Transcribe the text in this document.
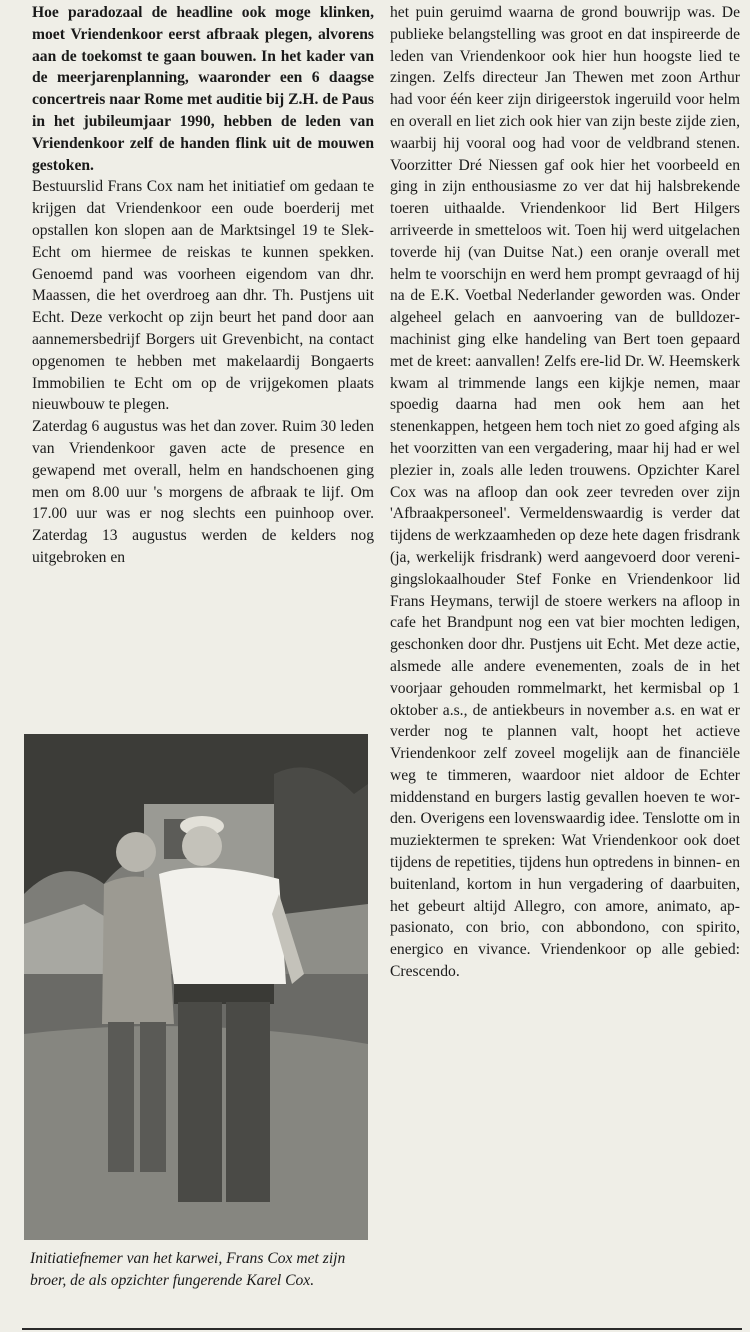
Hoe paradozaal de headline ook moge klinken, moet Vriendenkoor eerst afbraak plegen, alvorens aan de toekomst te gaan bouwen. In het kader van de meerjarenplanning, waaronder een 6 daagse concertreis naar Rome met auditie bij Z.H. de Paus in het jubileumjaar 1990, hebben de leden van Vriendenkoor zelf de handen flink uit de mouwen gestoken.

Bestuurslid Frans Cox nam het initiatief om gedaan te krijgen dat Vriendenkoor een oude boerderij met opstallen kon slopen aan de Marktsingel 19 te Slek-Echt om hiermee de reiskas te kunnen spekken. Genoemd pand was voorheen eigendom van dhr. Maassen, die het overdroeg aan dhr. Th. Pustjens uit Echt. Deze verkocht op zijn beurt het pand door aan aannemersbedrijf Borgers uit Grevenbicht, na contact opgenomen te hebben met makelaardij Bongaerts Immobilien te Echt om op de vrijgekomen plaats nieuwbouw te plegen.

Zaterdag 6 augustus was het dan zover. Ruim 30 leden van Vriendenkoor gaven acte de presence en gewapend met overall, helm en handschoenen ging men om 8.00 uur 's morgens de afbraak te lijf. Om 17.00 uur was er nog slechts een puinhoop over. Zaterdag 13 augustus werden de kelders nog uitgebroken en

Initiatiefnemer van het karwei, Frans Cox met zijn broer, de als opzichter fungerende Karel Cox.

het puin geruimd waarna de grond bouwrijp was. De publieke belangstelling was groot en dat inspireerde de leden van Vriendenkoor ook hier hun hoogste lied te zingen. Zelfs directeur Jan Thewen met zoon Arthur had voor één keer zijn dirigeerstok ingeruild voor helm en overall en liet zich ook hier van zijn beste zijde zien, waarbij hij vooral oog had voor de veldbrand stenen. Voorzitter Dré Niessen gaf ook hier het voorbeeld en ging in zijn enthousiasme zo ver dat hij halsbrekende toeren uithaalde. Vriendenkoor lid Bert Hilgers arriveerde in smetteloos wit. Toen hij werd uitgelachen toverde hij (van Duitse Nat.) een oranje overall met helm te voorschijn en werd hem prompt gevraagd of hij na de E.K. Voetbal Nederlander geworden was. Onder algeheel gelach en aanvoering van de bulldozermachinist ging elke handeling van Bert toen gepaard met de kreet: aanvallen! Zelfs ere-lid Dr. W. Heemskerk kwam al trimmende langs een kijkje nemen, maar spoedig daarna had men ook hem aan het stenenkappen, hetgeen hem toch niet zo goed afging als het voorzitten van een vergadering, maar hij had er wel plezier in, zoals alle leden trouwens. Opzichter Karel Cox was na afloop dan ook zeer tevreden over zijn 'Afbraakpersoneel'. Vermeldenswaardig is verder dat tijdens de werkzaamheden op deze hete dagen frisdrank (ja, werkelijk frisdrank) werd aangevoerd door verenigingslokaalhouder Stef Fonke en Vriendenkoor lid Frans Heymans, terwijl de stoere werkers na afloop in cafe het Brandpunt nog een vat bier mochten ledigen, geschonken door dhr. Pustjens uit Echt. Met deze actie, alsmede alle andere evenementen, zoals de in het voorjaar gehouden rommelmarkt, het kermisbal op 1 oktober a.s., de antiekbeurs in november a.s. en wat er verder nog te plannen valt, hoopt het actieve Vriendenkoor zelf zoveel mogelijk aan de financiële weg te timmeren, waardoor niet aldoor de Echter middenstand en burgers lastig gevallen hoeven te worden. Overigens een lovenswaardig idee. Tenslotte om in muziektermen te spreken: Wat Vriendenkoor ook doet tijdens de repetities, tijdens hun optredens in binnen- en buitenland, kortom in hun vergadering of daarbuiten, het gebeurt altijd Allegro, con amore, animato, appasionato, con brio, con abbondono, con spirito, energico en vivance. Vriendenkoor op alle gebied: Crescendo.
